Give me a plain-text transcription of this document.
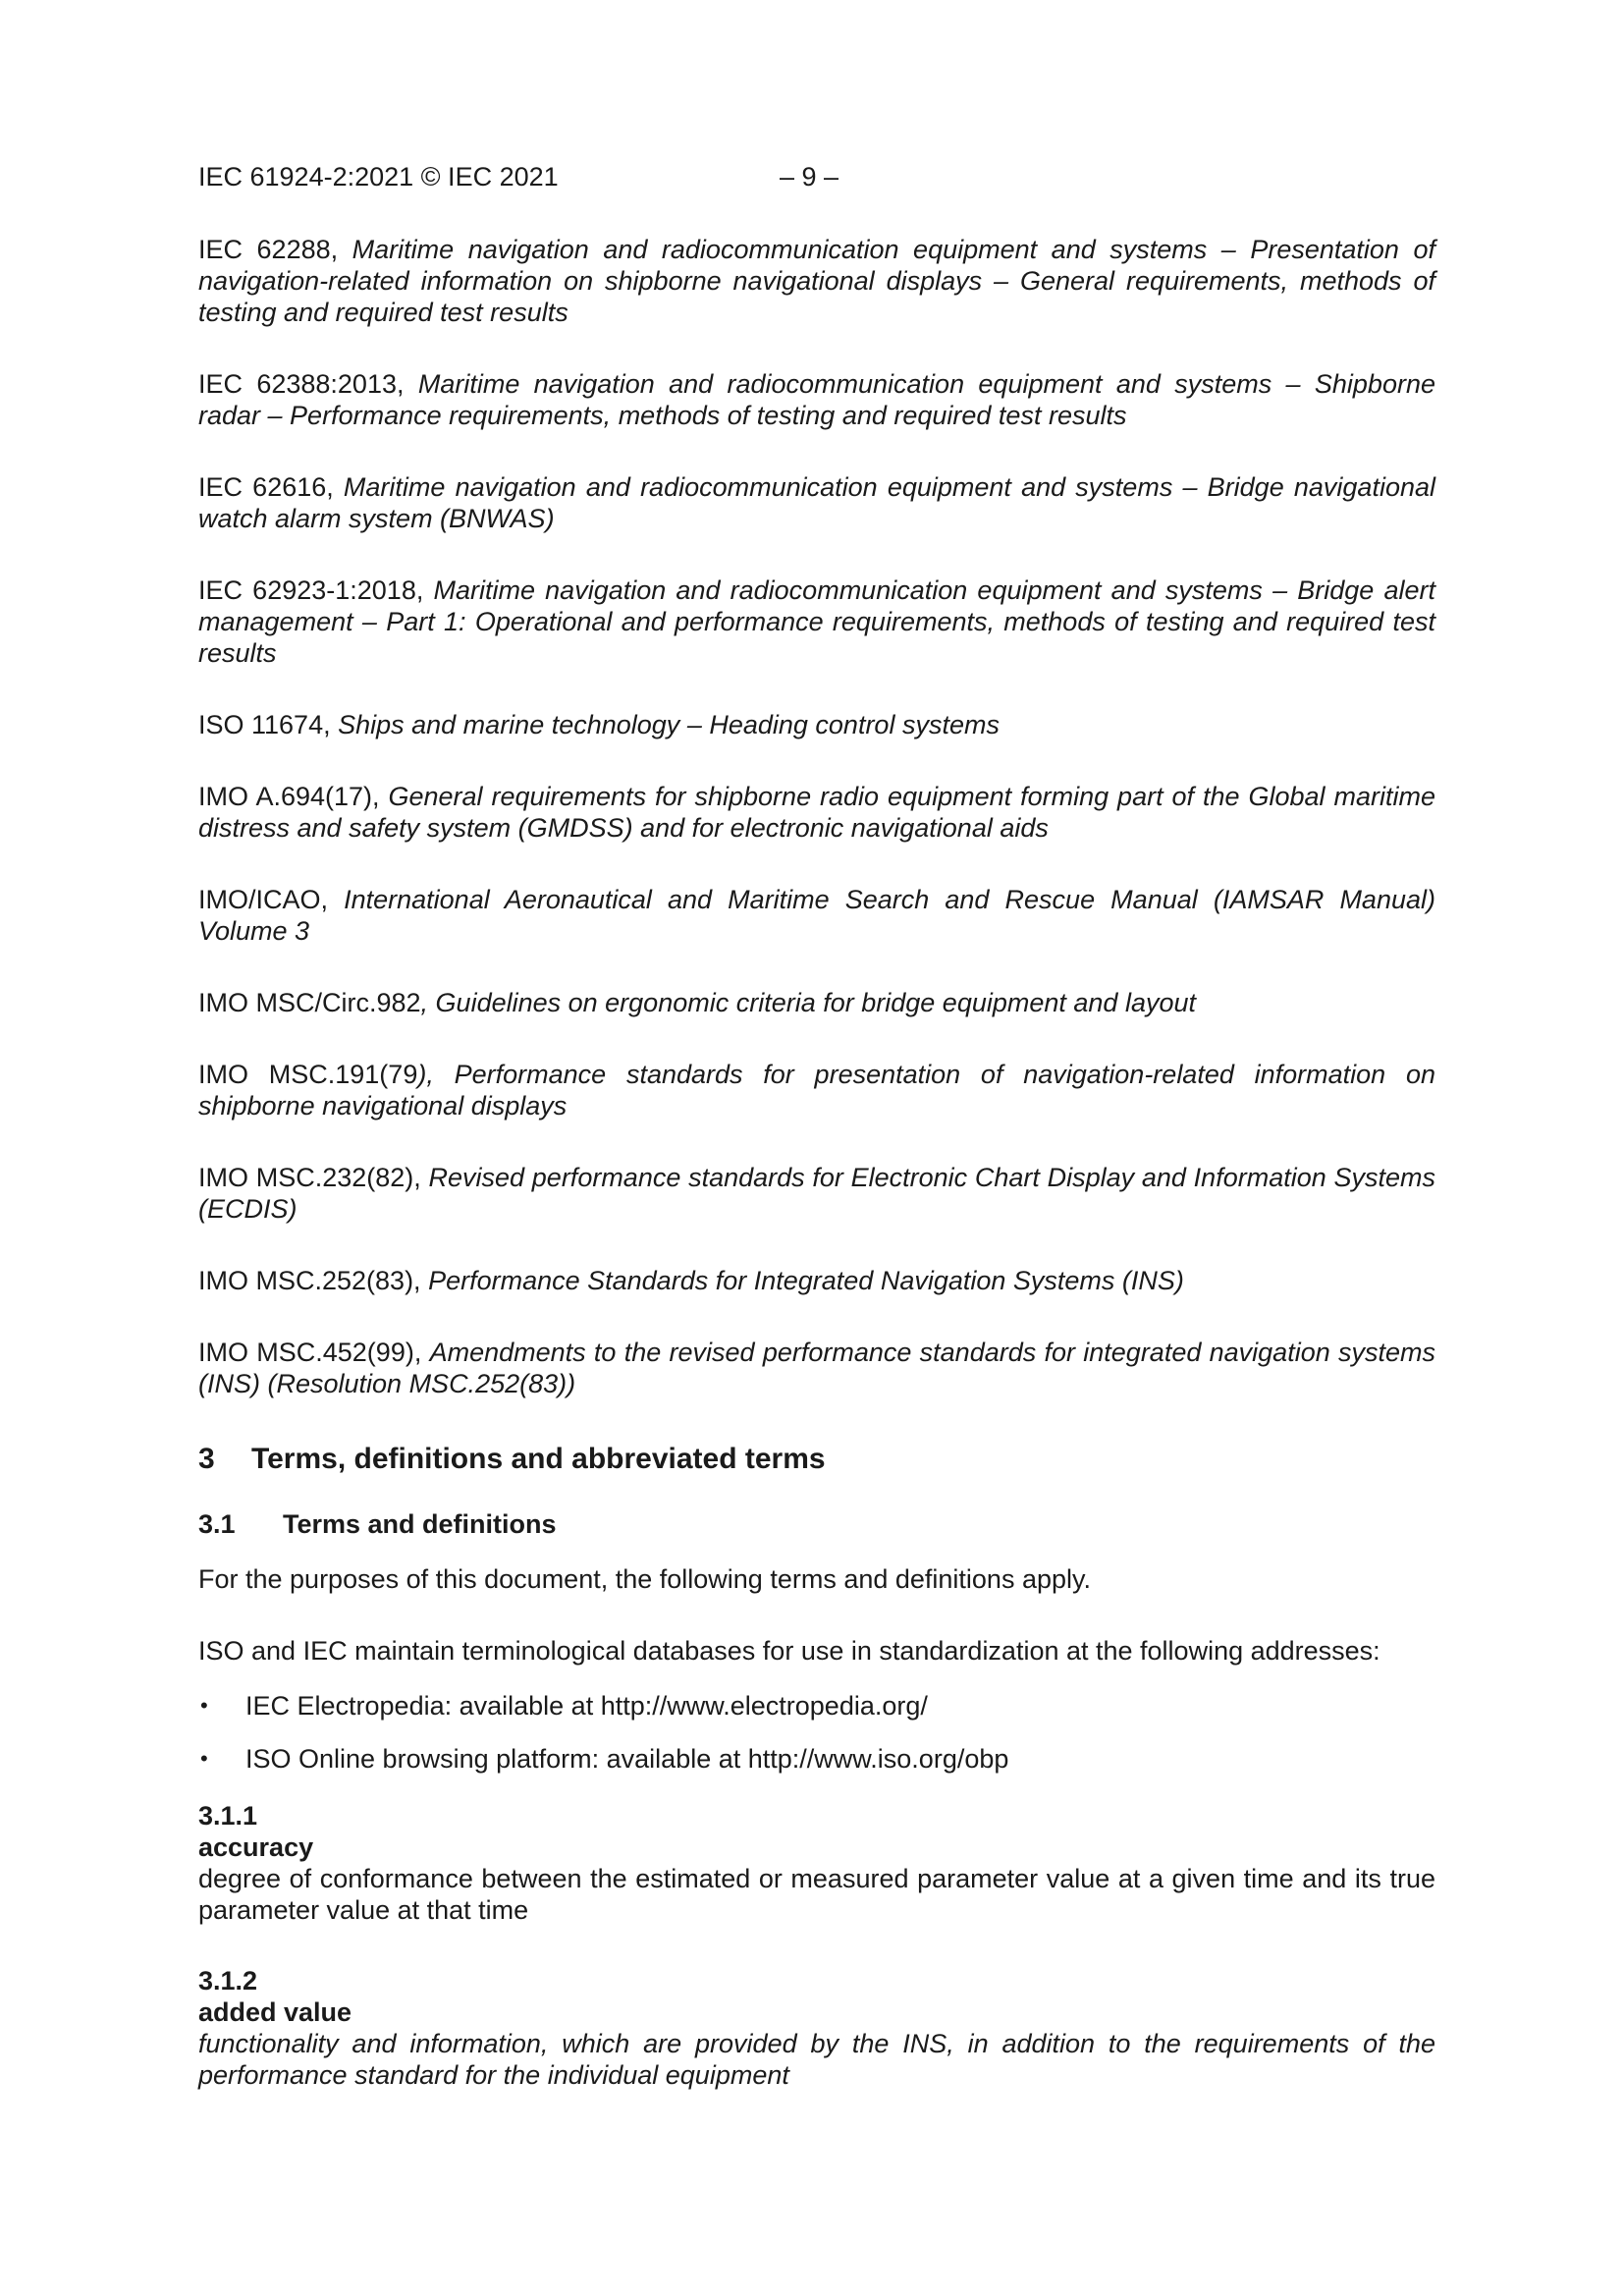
IEC 61924-2:2021 © IEC 2021	– 9 –

IEC 62288, Maritime navigation and radiocommunication equipment and systems – Presentation of navigation-related information on shipborne navigational displays – General requirements, methods of testing and required test results

IEC 62388:2013, Maritime navigation and radiocommunication equipment and systems – Shipborne radar – Performance requirements, methods of testing and required test results

IEC 62616, Maritime navigation and radiocommunication equipment and systems – Bridge navigational watch alarm system (BNWAS)

IEC 62923-1:2018, Maritime navigation and radiocommunication equipment and systems – Bridge alert management – Part 1: Operational and performance requirements, methods of testing and required test results

ISO 11674, Ships and marine technology – Heading control systems

IMO A.694(17), General requirements for shipborne radio equipment forming part of the Global maritime distress and safety system (GMDSS) and for electronic navigational aids

IMO/ICAO, International Aeronautical and Maritime Search and Rescue Manual (IAMSAR Manual) Volume 3

IMO MSC/Circ.982, Guidelines on ergonomic criteria for bridge equipment and layout

IMO MSC.191(79), Performance standards for presentation of navigation-related information on shipborne navigational displays

IMO MSC.232(82), Revised performance standards for Electronic Chart Display and Information Systems (ECDIS)

IMO MSC.252(83), Performance Standards for Integrated Navigation Systems (INS)

IMO MSC.452(99), Amendments to the revised performance standards for integrated navigation systems (INS) (Resolution MSC.252(83))

3	Terms, definitions and abbreviated terms
3.1	Terms and definitions

For the purposes of this document, the following terms and definitions apply.

ISO and IEC maintain terminological databases for use in standardization at the following addresses:

•	IEC Electropedia: available at http://www.electropedia.org/
•	ISO Online browsing platform: available at http://www.iso.org/obp
3.1.1
accuracy
degree of conformance between the estimated or measured parameter value at a given time and its true parameter value at that time
3.1.2
added value
functionality and information, which are provided by the INS, in addition to the requirements of the performance standard for the individual equipment
